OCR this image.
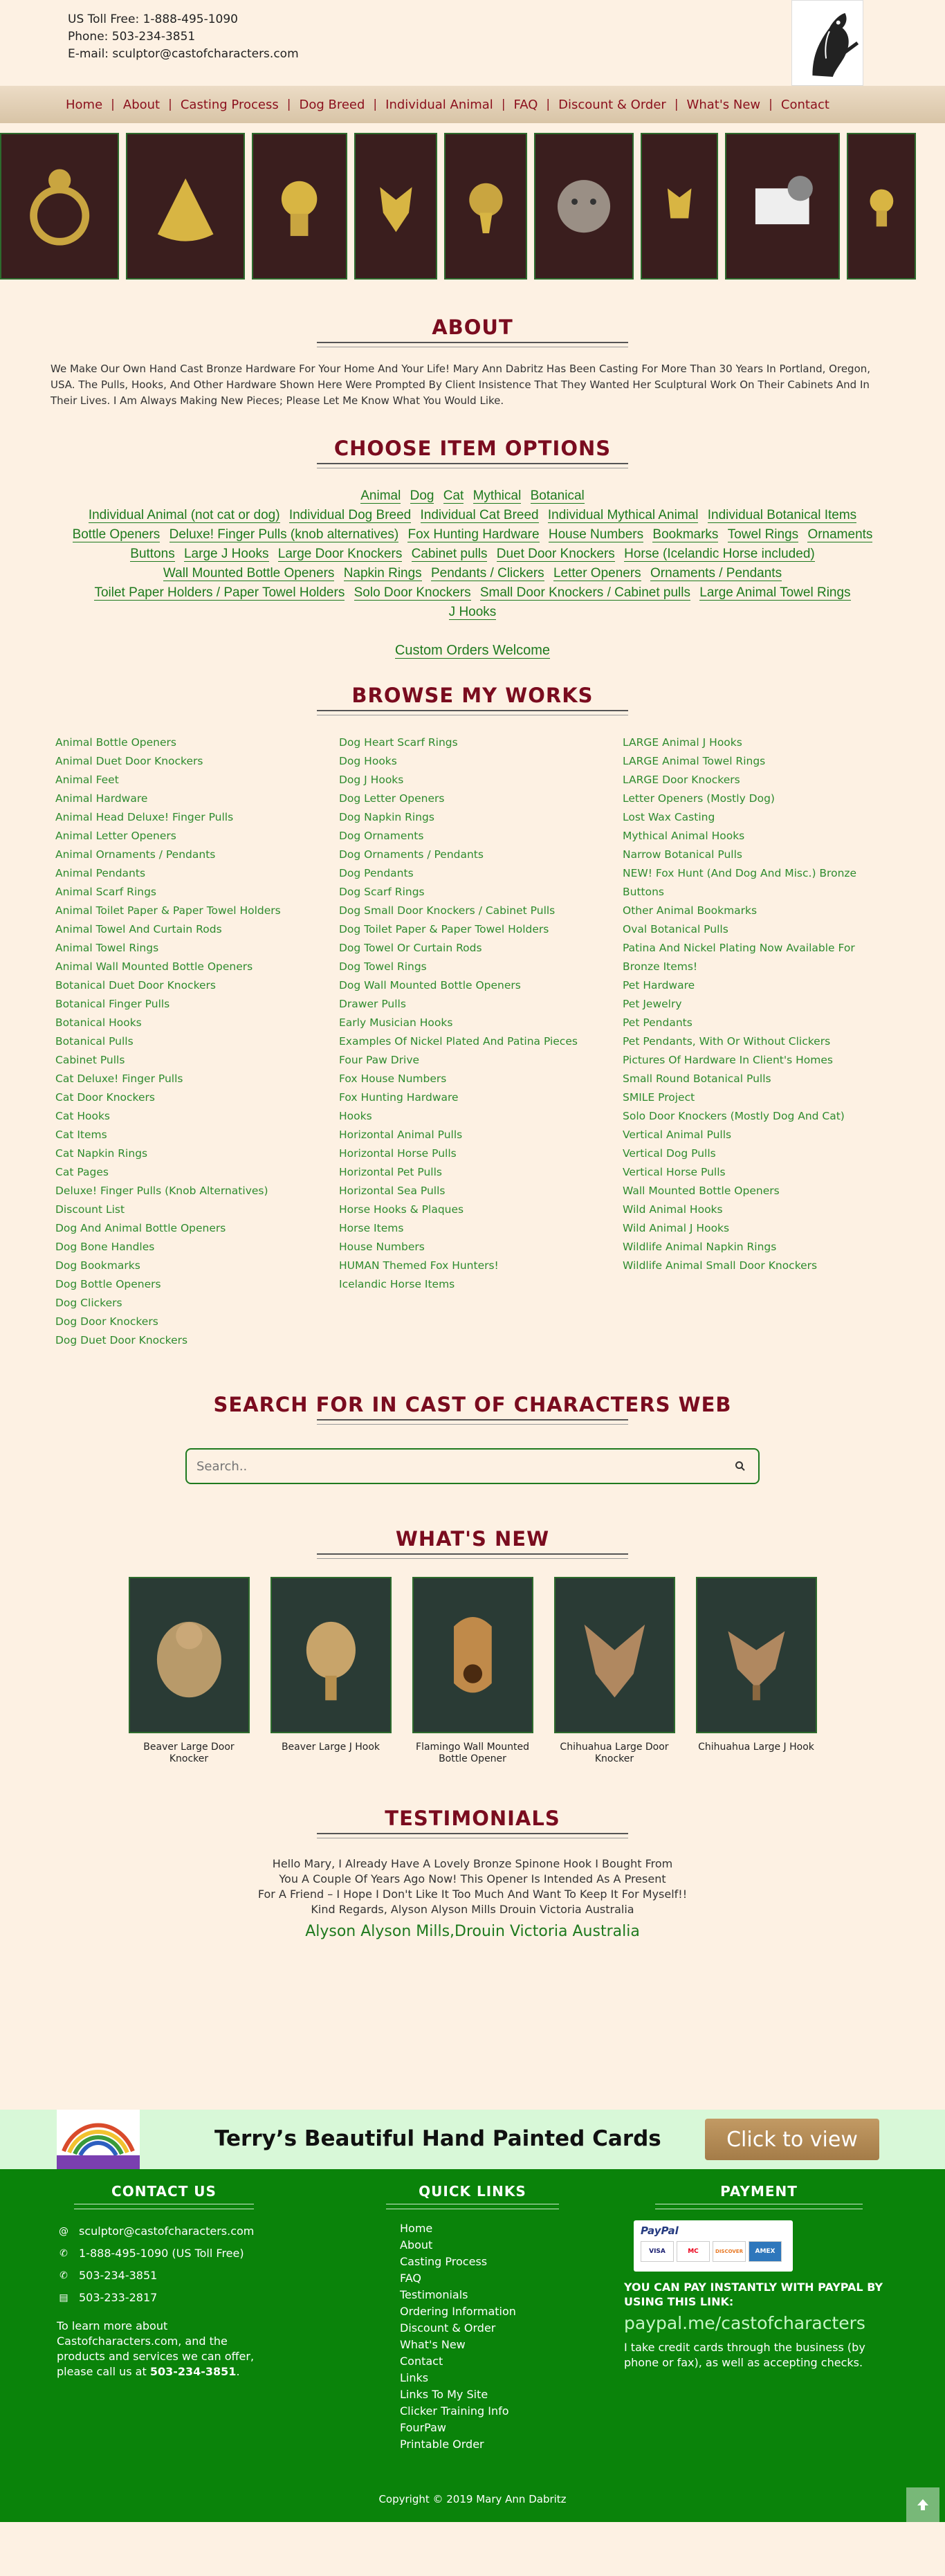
US Toll Free: 1-888-495-1090
Phone: 503-234-3851
E-mail: sculptor@castofcharacters.com
Home | About | Casting Process | Dog Breed | Individual Animal | FAQ | Discount & Order | What's New | Contact
ABOUT

We Make Our Own Hand Cast Bronze Hardware For Your Home And Your Life! Mary Ann Dabritz Has Been Casting For More Than 30 Years In Portland, Oregon, USA. The Pulls, Hooks, And Other Hardware Shown Here Were Prompted By Client Insistence That They Wanted Her Sculptural Work On Their Cabinets And In Their Lives. I Am Always Making New Pieces; Please Let Me Know What You Would Like.

CHOOSE ITEM OPTIONS
Animal Dog Cat Mythical Botanical
Individual Animal (not cat or dog) Individual Dog Breed Individual Cat Breed Individual Mythical Animal Individual Botanical Items
Bottle Openers Deluxe! Finger Pulls (knob alternatives) Fox Hunting Hardware House Numbers Bookmarks Towel Rings Ornaments
Buttons Large J Hooks Large Door Knockers Cabinet pulls Duet Door Knockers Horse (Icelandic Horse included)
Wall Mounted Bottle Openers Napkin Rings Pendants / Clickers Letter Openers Ornaments / Pendants
Toilet Paper Holders / Paper Towel Holders Solo Door Knockers Small Door Knockers / Cabinet pulls Large Animal Towel Rings
J Hooks
Custom Orders Welcome
BROWSE MY WORKS
Animal Bottle Openers
Animal Duet Door Knockers
Animal Feet
Animal Hardware
Animal Head Deluxe! Finger Pulls
Animal Letter Openers
Animal Ornaments / Pendants
Animal Pendants
Animal Scarf Rings
Animal Toilet Paper & Paper Towel Holders
Animal Towel And Curtain Rods
Animal Towel Rings
Animal Wall Mounted Bottle Openers
Botanical Duet Door Knockers
Botanical Finger Pulls
Botanical Hooks
Botanical Pulls
Cabinet Pulls
Cat Deluxe! Finger Pulls
Cat Door Knockers
Cat Hooks
Cat Items
Cat Napkin Rings
Cat Pages
Deluxe! Finger Pulls (Knob Alternatives)
Discount List
Dog And Animal Bottle Openers
Dog Bone Handles
Dog Bookmarks
Dog Bottle Openers
Dog Clickers
Dog Door Knockers
Dog Duet Door Knockers
Dog Heart Scarf Rings
Dog Hooks
Dog J Hooks
Dog Letter Openers
Dog Napkin Rings
Dog Ornaments
Dog Ornaments / Pendants
Dog Pendants
Dog Scarf Rings
Dog Small Door Knockers / Cabinet Pulls
Dog Toilet Paper & Paper Towel Holders
Dog Towel Or Curtain Rods
Dog Towel Rings
Dog Wall Mounted Bottle Openers
Drawer Pulls
Early Musician Hooks
Examples Of Nickel Plated And Patina Pieces
Four Paw Drive
Fox House Numbers
Fox Hunting Hardware
Hooks
Horizontal Animal Pulls
Horizontal Horse Pulls
Horizontal Pet Pulls
Horizontal Sea Pulls
Horse Hooks & Plaques
Horse Items
House Numbers
HUMAN Themed Fox Hunters!
Icelandic Horse Items
LARGE Animal J Hooks
LARGE Animal Towel Rings
LARGE Door Knockers
Letter Openers (Mostly Dog)
Lost Wax Casting
Mythical Animal Hooks
Narrow Botanical Pulls
NEW! Fox Hunt (And Dog And Misc.) Bronze Buttons
Other Animal Bookmarks
Oval Botanical Pulls
Patina And Nickel Plating Now Available For Bronze Items!
Pet Hardware
Pet Jewelry
Pet Pendants
Pet Pendants, With Or Without Clickers
Pictures Of Hardware In Client's Homes
Small Round Botanical Pulls
SMILE Project
Solo Door Knockers (Mostly Dog And Cat)
Vertical Animal Pulls
Vertical Dog Pulls
Vertical Horse Pulls
Wall Mounted Bottle Openers
Wild Animal Hooks
Wild Animal J Hooks
Wildlife Animal Napkin Rings
Wildlife Animal Small Door Knockers
SEARCH FOR IN CAST OF CHARACTERS WEB
Search..
WHAT'S NEW
Beaver Large Door Knocker
Beaver Large J Hook	Flamingo Wall Mounted Bottle Opener
Chihuahua Large Door Knocker
Chihuahua Large J Hook
TESTIMONIALS
Hello Mary, I Already Have A Lovely Bronze Spinone Hook I Bought From
You A Couple Of Years Ago Now! This Opener Is Intended As A Present
For A Friend – I Hope I Don't Like It Too Much And Want To Keep It For Myself!!
Kind Regards, Alyson Alyson Mills Drouin Victoria Australia
Alyson Alyson Mills,Drouin Victoria Australia
Terry’s Beautiful Hand Painted Cards	Click to view
CONTACT US
@ sculptor@castofcharacters.com
✆ 1-888-495-1090 (US Toll Free)
✆ 503-234-3851
▤ 503-233-2817

To learn more about Castofcharacters.com, and the products and services we can offer, please call us at 503-234-3851.

QUICK LINKS
Home
About
Casting Process
FAQ
Testimonials
Ordering Information
Discount & Order
What's New
Contact
Links
Links To My Site
Clicker Training Info
FourPaw
Printable Order
PAYMENT
PayPal
VISA	MC	DISCOVER	AMEX
YOU CAN PAY INSTANTLY WITH PAYPAL BY USING THIS LINK:
paypal.me/castofcharacters

I take credit cards through the business (by phone or fax), as well as accepting checks.

Copyright © 2019 Mary Ann Dabritz
